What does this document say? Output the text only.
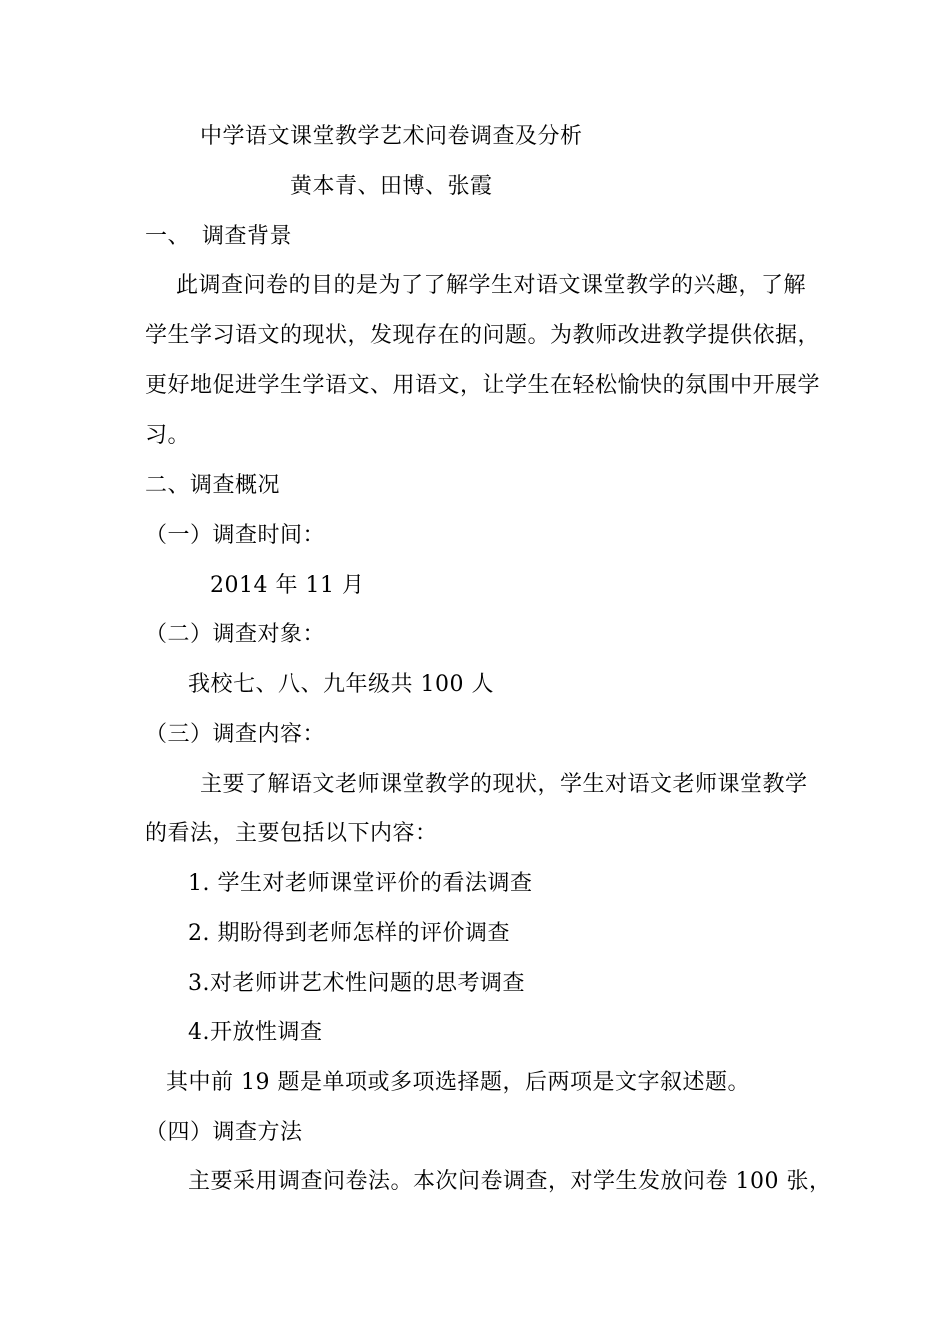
中学语文课堂教学艺术问卷调查及分析
黄本青、田博、张霞
一、 调查背景
此调查问卷的目的是为了了解学生对语文课堂教学的兴趣，了解
学生学习语文的现状，发现存在的问题。为教师改进教学提供依据，
更好地促进学生学语文、用语文，让学生在轻松愉快的氛围中开展学
习。
二、调查概况
（一）调查时间：
2014 年 11 月
（二）调查对象：
我校七、八、九年级共 100 人
（三）调查内容：
主要了解语文老师课堂教学的现状，学生对语文老师课堂教学
的看法，主要包括以下内容：
1. 学生对老师课堂评价的看法调查
2. 期盼得到老师怎样的评价调查
3.对老师讲艺术性问题的思考调查
4.开放性调查
其中前 19 题是单项或多项选择题，后两项是文字叙述题。
（四）调查方法
主要采用调查问卷法。本次问卷调查，对学生发放问卷 100 张，
